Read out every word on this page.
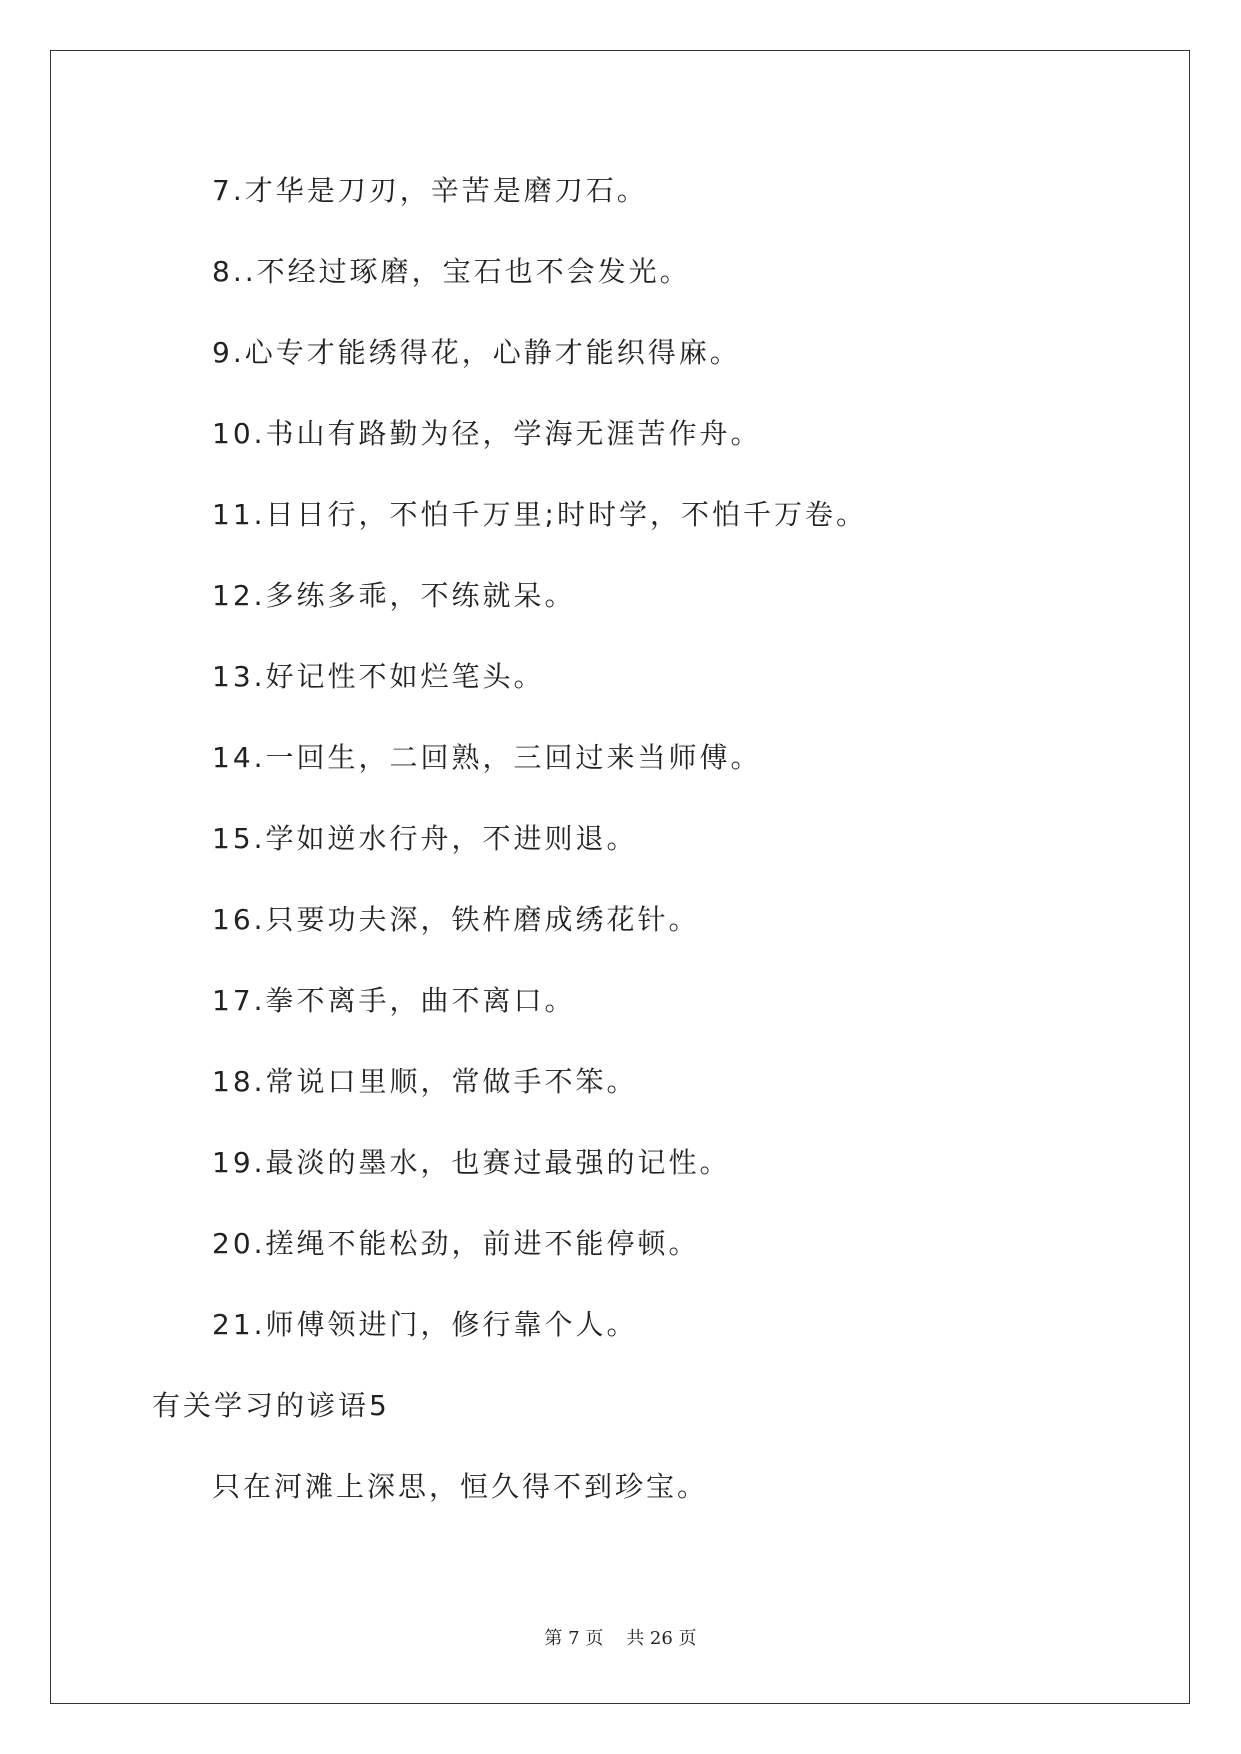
7.才华是刀刃，辛苦是磨刀石。
8..不经过琢磨，宝石也不会发光。
9.心专才能绣得花，心静才能织得麻。
10.书山有路勤为径，学海无涯苦作舟。
11.日日行，不怕千万里;时时学，不怕千万卷。
12.多练多乖，不练就呆。
13.好记性不如烂笔头。
14.一回生，二回熟，三回过来当师傅。
15.学如逆水行舟，不进则退。
16.只要功夫深，铁杵磨成绣花针。
17.拳不离手，曲不离口。
18.常说口里顺，常做手不笨。
19.最淡的墨水，也赛过最强的记性。
20.搓绳不能松劲，前进不能停顿。
21.师傅领进门，修行靠个人。
有关学习的谚语5
只在河滩上深思，恒久得不到珍宝。
第 7 页    共 26 页
